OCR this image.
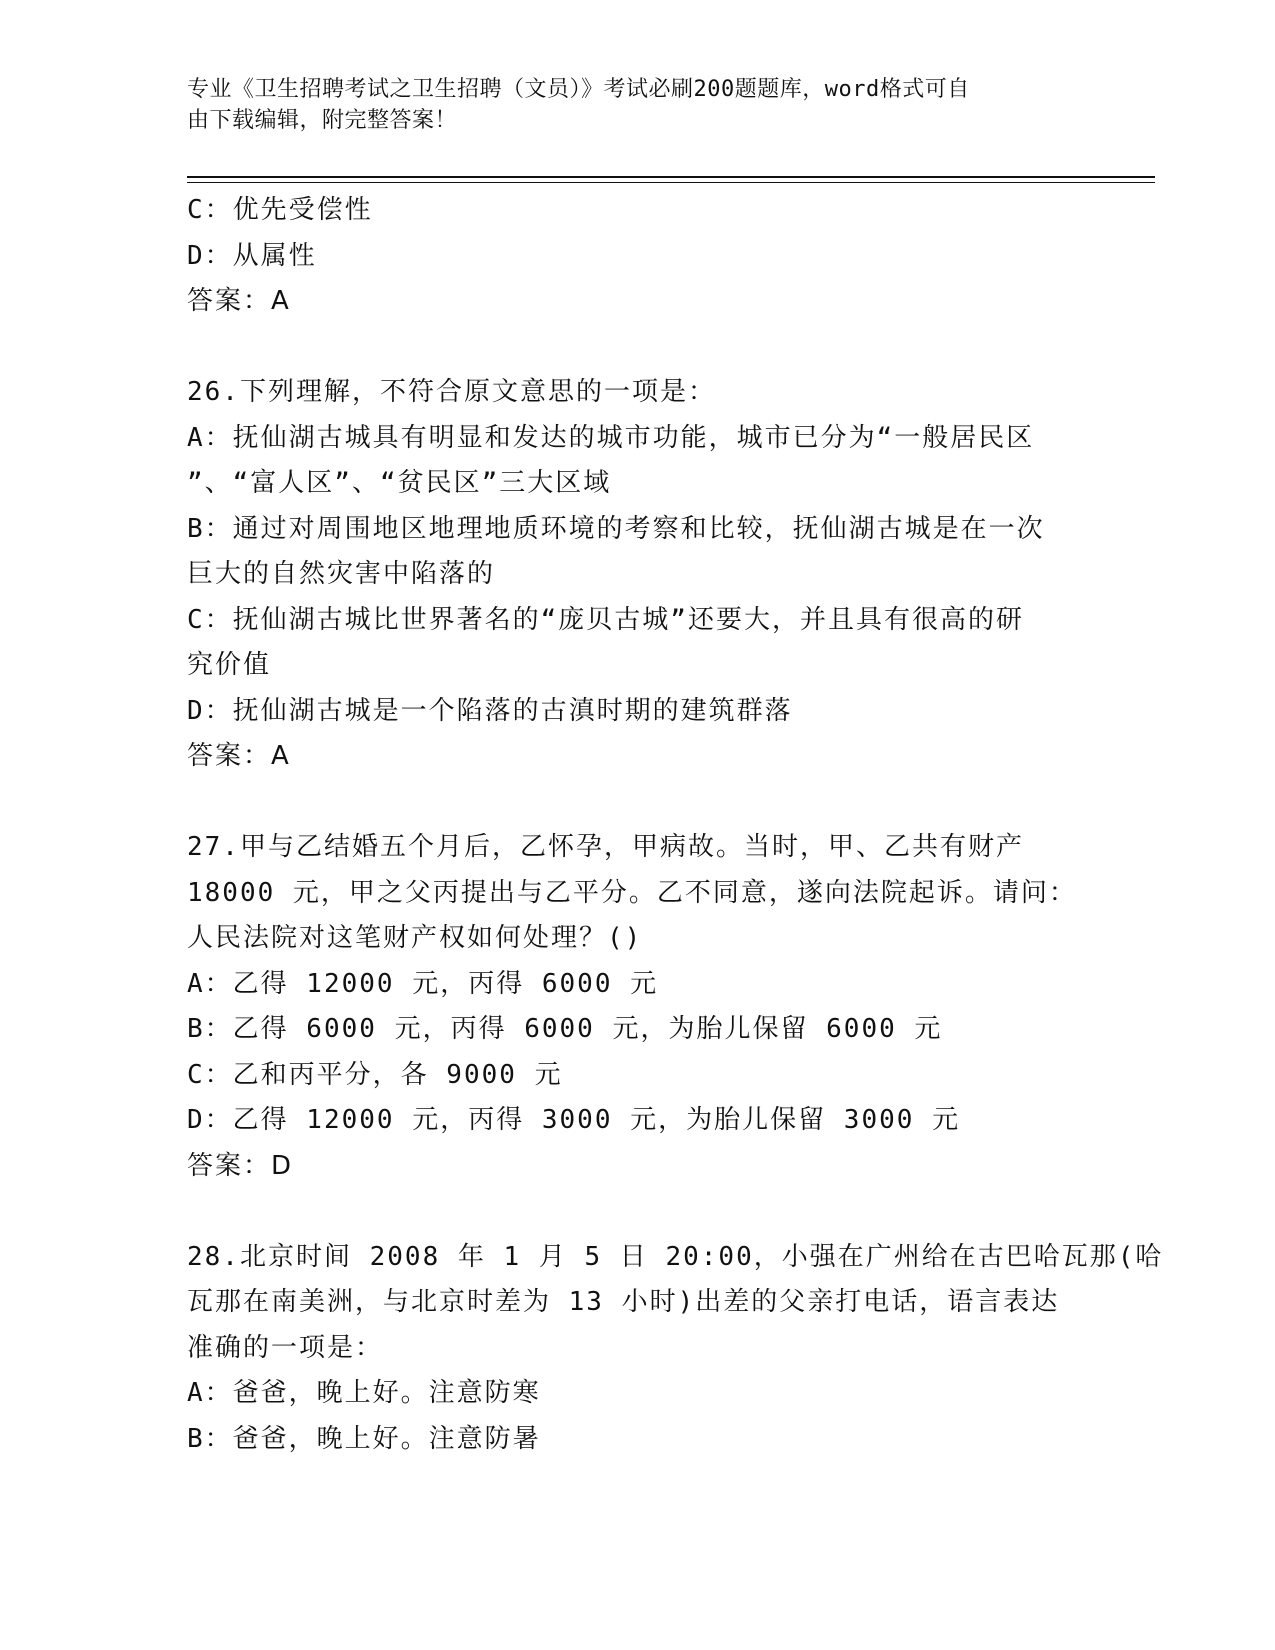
专业《卫生招聘考试之卫生招聘（文员）》考试必刷200题题库，word格式可自
由下载编辑，附完整答案！
C：优先受偿性
D：从属性
答案：A
26.下列理解，不符合原文意思的一项是：
A：抚仙湖古城具有明显和发达的城市功能，城市已分为“一般居民区
”、“富人区”、“贫民区”三大区域
B：通过对周围地区地理地质环境的考察和比较，抚仙湖古城是在一次
巨大的自然灾害中陷落的
C：抚仙湖古城比世界著名的“庞贝古城”还要大，并且具有很高的研
究价值
D：抚仙湖古城是一个陷落的古滇时期的建筑群落
答案：A
27.甲与乙结婚五个月后，乙怀孕，甲病故。当时，甲、乙共有财产
18000 元，甲之父丙提出与乙平分。乙不同意，遂向法院起诉。请问：
人民法院对这笔财产权如何处理？()
A：乙得 12000 元，丙得 6000 元
B：乙得 6000 元，丙得 6000 元，为胎儿保留 6000 元
C：乙和丙平分，各 9000 元
D：乙得 12000 元，丙得 3000 元，为胎儿保留 3000 元
答案：D
28.北京时间 2008 年 1 月 5 日 20:00，小强在广州给在古巴哈瓦那(哈
瓦那在南美洲，与北京时差为 13 小时)出差的父亲打电话，语言表达
准确的一项是：
A：爸爸，晚上好。注意防寒
B：爸爸，晚上好。注意防暑
